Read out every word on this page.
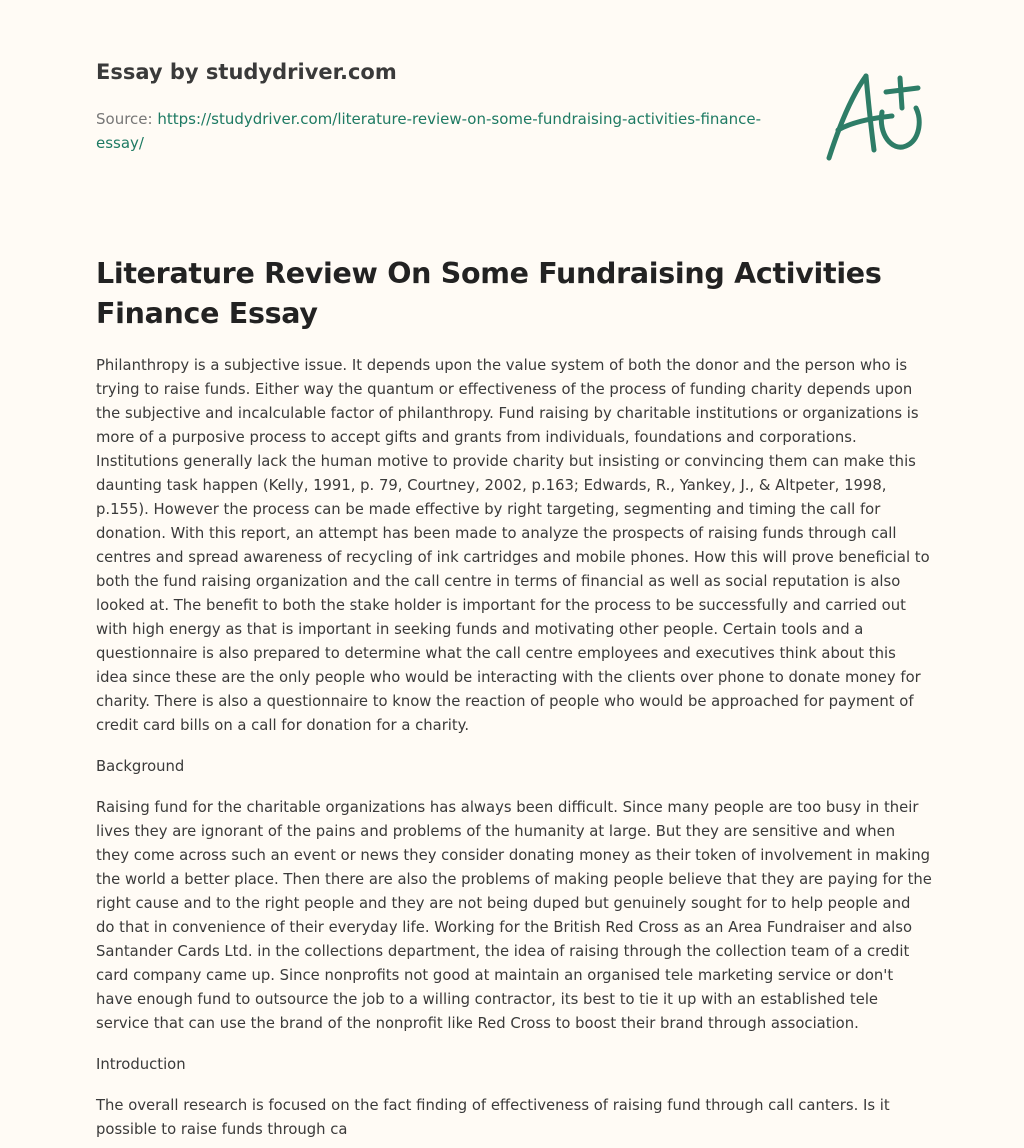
Essay by studydriver.com
Source: https://studydriver.com/literature-review-on-some-fundraising-activities-finance-essay/
Literature Review On Some Fundraising Activities Finance Essay

Philanthropy is a subjective issue. It depends upon the value system of both the donor and the person who is trying to raise funds. Either way the quantum or effectiveness of the process of funding charity depends upon the subjective and incalculable factor of philanthropy. Fund raising by charitable institutions or organizations is more of a purposive process to accept gifts and grants from individuals, foundations and corporations. Institutions generally lack the human motive to provide charity but insisting or convincing them can make this daunting task happen (Kelly, 1991, p. 79, Courtney, 2002, p.163; Edwards, R., Yankey, J., & Altpeter, 1998, p.155). However the process can be made effective by right targeting, segmenting and timing the call for donation. With this report, an attempt has been made to analyze the prospects of raising funds through call centres and spread awareness of recycling of ink cartridges and mobile phones. How this will prove beneficial to both the fund raising organization and the call centre in terms of financial as well as social reputation is also looked at. The benefit to both the stake holder is important for the process to be successfully and carried out with high energy as that is important in seeking funds and motivating other people. Certain tools and a questionnaire is also prepared to determine what the call centre employees and executives think about this idea since these are the only people who would be interacting with the clients over phone to donate money for charity. There is also a questionnaire to know the reaction of people who would be approached for payment of credit card bills on a call for donation for a charity.

Background

Raising fund for the charitable organizations has always been difficult. Since many people are too busy in their lives they are ignorant of the pains and problems of the humanity at large. But they are sensitive and when they come across such an event or news they consider donating money as their token of involvement in making the world a better place. Then there are also the problems of making people believe that they are paying for the right cause and to the right people and they are not being duped but genuinely sought for to help people and do that in convenience of their everyday life. Working for the British Red Cross as an Area Fundraiser and also Santander Cards Ltd. in the collections department, the idea of raising through the collection team of a credit card company came up. Since nonprofits not good at maintain an organised tele marketing service or don't have enough fund to outsource the job to a willing contractor, its best to tie it up with an established tele service that can use the brand of the nonprofit like Red Cross to boost their brand through association.

Introduction

The overall research is focused on the fact finding of effectiveness of raising fund through call canters. Is it possible to raise funds through ca
